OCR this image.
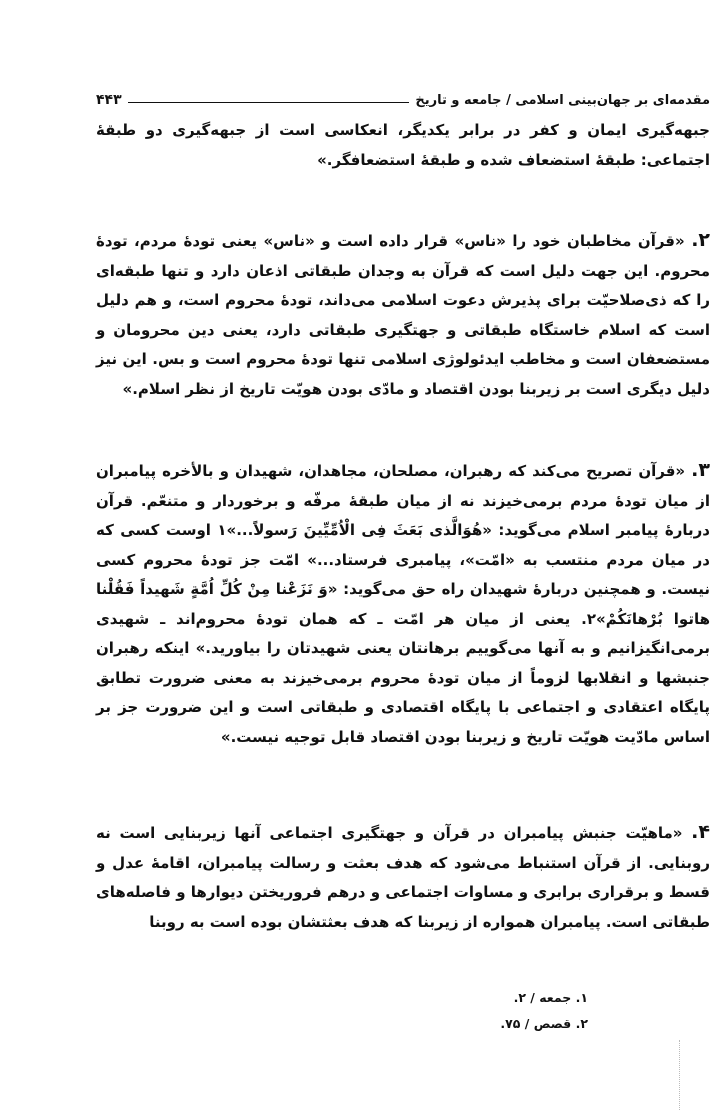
مقدمه‌ای بر جهان‌بینی اسلامی / جامعه و تاریخ
۴۴۳
جبهه‌گیری ایمان و کفر در برابر یکدیگر، انعکاسی است از جبهه‌گیری دو طبقهٔ اجتماعی: طبقهٔ استضعاف شده و طبقهٔ استضعافگر.»
۲. «قرآن مخاطبان خود را «ناس» قرار داده است و «ناس» یعنی تودهٔ مردم، تودهٔ محروم. این جهت دلیل است که قرآن به وجدان طبقاتی اذعان دارد و تنها طبقه‌ای را که ذی‌صلاحیّت برای پذیرش دعوت اسلامی می‌داند، تودهٔ محروم است، و هم دلیل است که اسلام خاستگاه طبقاتی و جهتگیری طبقاتی دارد، یعنی دین محرومان و مستضعفان است و مخاطب ایدئولوژی اسلامی تنها تودهٔ محروم است و بس. این نیز دلیل دیگری است بر زیربنا بودن اقتصاد و مادّی بودن هویّت تاریخ از نظر اسلام.»
۳. «قرآن تصریح می‌کند که رهبران، مصلحان، مجاهدان، شهیدان و بالأخره پیامبران از میان تودهٔ مردم برمی‌خیزند نه از میان طبقهٔ مرفّه و برخوردار و متنعّم. قرآن دربارهٔ پیامبر اسلام می‌گوید: «هُوَالَّذی بَعَثَ فِی الْاُمِّیِّینَ رَسولاً...»۱ اوست کسی که در میان مردم منتسب به «امّت»، پیامبری فرستاد...» امّت جز تودهٔ محروم کسی نیست. و همچنین دربارهٔ شهیدان راه حق می‌گوید: «وَ نَزَعْنا مِنْ كُلِّ اُمَّةٍ شَهیداً فَقُلْنا هاتوا بُرْهانَكُمْ»۲. یعنی از میان هر امّت ـ که همان تودهٔ محروم‌اند ـ شهیدی برمی‌انگیزانیم و به آنها می‌گوییم برهانتان یعنی شهیدتان را بیاورید.» اینکه رهبران جنبشها و انقلابها لزوماً از میان تودهٔ محروم برمی‌خیزند به معنی ضرورت تطابق پایگاه اعتقادی و اجتماعی با پایگاه اقتصادی و طبقاتی است و این ضرورت جز بر اساس مادّیت هویّت تاریخ و زیربنا بودن اقتصاد قابل توجیه نیست.»
۴. «ماهیّت جنبش پیامبران در قرآن و جهتگیری اجتماعی آنها زیربنایی است نه روبنایی. از قرآن استنباط می‌شود که هدف بعثت و رسالت پیامبران، اقامهٔ عدل و قسط و برقراری برابری و مساوات اجتماعی و درهم فروریختن دیوارها و فاصله‌های طبقاتی است. پیامبران همواره از زیربنا که هدف بعثتشان بوده است به روبنا
۱. جمعه / ۲.
۲. قصص / ۷۵.
